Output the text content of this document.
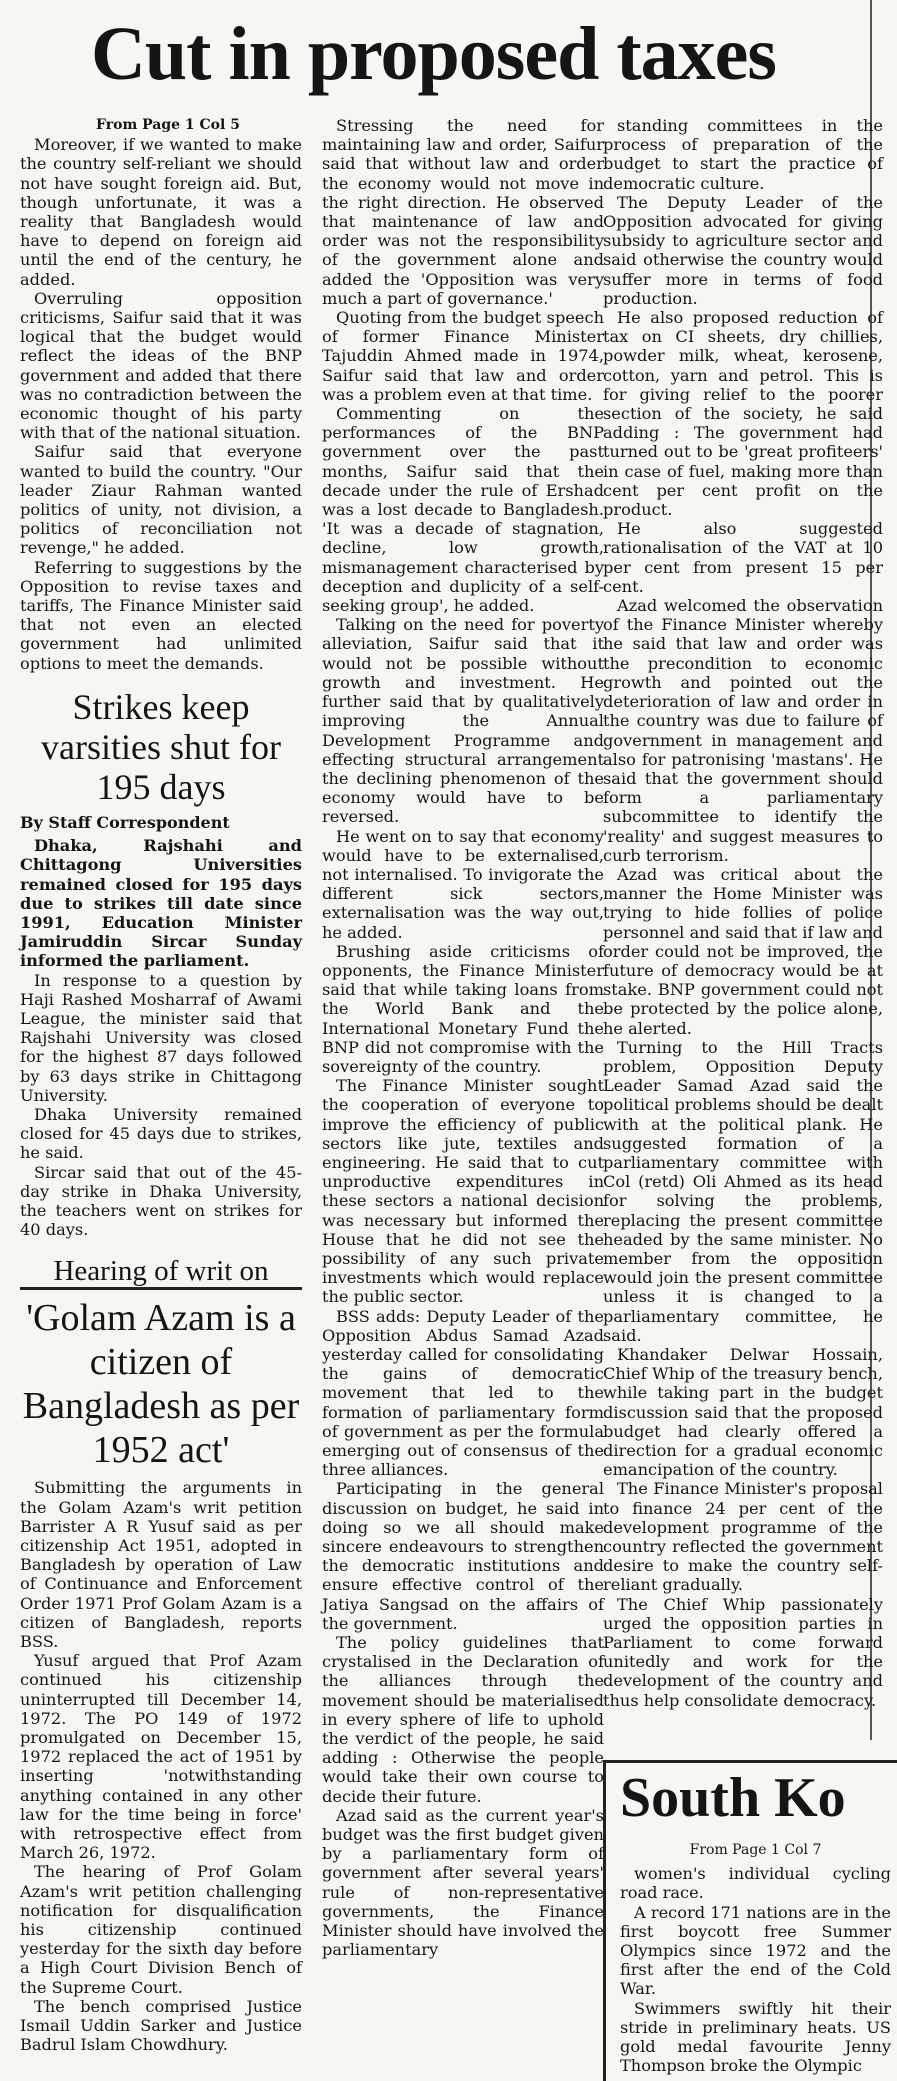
Cut in proposed taxes

From Page 1 Col 5

Moreover, if we wanted to make the country self-reliant we should not have sought foreign aid. But, though unfortunate, it was a reality that Bangladesh would have to depend on foreign aid until the end of the century, he added.

Overruling opposition criticisms, Saifur said that it was logical that the budget would reflect the ideas of the BNP government and added that there was no contradiction between the economic thought of his party with that of the national situation.

Saifur said that everyone wanted to build the country. "Our leader Ziaur Rahman wanted politics of unity, not division, a politics of reconciliation not revenge," he added.

Referring to suggestions by the Opposition to revise taxes and tariffs, The Finance Minister said that not even an elected government had unlimited options to meet the demands.

Strikes keep varsities shut for 195 days
By Staff Correspondent

Dhaka, Rajshahi and Chittagong Universities remained closed for 195 days due to strikes till date since 1991, Education Minister Jamiruddin Sircar Sunday informed the parliament.

In response to a question by Haji Rashed Mosharraf of Awami League, the minister said that Rajshahi University was closed for the highest 87 days followed by 63 days strike in Chittagong University.

Dhaka University remained closed for 45 days due to strikes, he said.

Sircar said that out of the 45-day strike in Dhaka University, the teachers went on strikes for 40 days.

Hearing of writ on
'Golam Azam is a citizen of Bangladesh as per 1952 act'

Submitting the arguments in the Golam Azam's writ petition Barrister A R Yusuf said as per citizenship Act 1951, adopted in Bangladesh by operation of Law of Continuance and Enforcement Order 1971 Prof Golam Azam is a citizen of Bangladesh, reports BSS.

Yusuf argued that Prof Azam continued his citizenship uninterrupted till December 14, 1972. The PO 149 of 1972 promulgated on December 15, 1972 replaced the act of 1951 by inserting 'notwithstanding anything contained in any other law for the time being in force' with retrospective effect from March 26, 1972.

The hearing of Prof Golam Azam's writ petition challenging notification for disqualification his citizenship continued yesterday for the sixth day before a High Court Division Bench of the Supreme Court.

The bench comprised Justice Ismail Uddin Sarker and Justice Badrul Islam Chowdhury.

Stressing the need for maintaining law and order, Saifur said that without law and order the economy would not move in the right direction. He observed that maintenance of law and order was not the responsibility of the government alone and added the 'Opposition was very much a part of governance.'

Quoting from the budget speech of former Finance Minister Tajuddin Ahmed made in 1974, Saifur said that law and order was a problem even at that time.

Commenting on the performances of the BNP government over the past months, Saifur said that the decade under the rule of Ershad was a lost decade to Bangladesh. 'It was a decade of stagnation, decline, low growth, mismanagement characterised by deception and duplicity of a self-seeking group', he added.

Talking on the need for poverty alleviation, Saifur said that it would not be possible without growth and investment. He further said that by qualitatively improving the Annual Development Programme and effecting structural arrangement the declining phenomenon of the economy would have to be reversed.

He went on to say that economy would have to be externalised, not internalised. To invigorate the different sick sectors, externalisation was the way out, he added.

Brushing aside criticisms of opponents, the Finance Minister said that while taking loans from the World Bank and the International Monetary Fund the BNP did not compromise with the sovereignty of the country.

The Finance Minister sought the cooperation of everyone to improve the efficiency of public sectors like jute, textiles and engineering. He said that to cut unproductive expenditures in these sectors a national decision was necessary but informed the House that he did not see the possibility of any such private investments which would replace the public sector.

BSS adds: Deputy Leader of the Opposition Abdus Samad Azad yesterday called for consolidating the gains of democratic movement that led to the formation of parliamentary form of government as per the formula emerging out of consensus of the three alliances.

Participating in the general discussion on budget, he said in doing so we all should make sincere endeavours to strengthen the democratic institutions and ensure effective control of the Jatiya Sangsad on the affairs of the government.

The policy guidelines that crystalised in the Declaration of the alliances through the movement should be materialised in every sphere of life to uphold the verdict of the people, he said adding : Otherwise the people would take their own course to decide their future.

Azad said as the current year's budget was the first budget given by a parliamentary form of government after several years' rule of non-representative governments, the Finance Minister should have involved the parliamentary

standing committees in the process of preparation of the budget to start the practice of democratic culture.

The Deputy Leader of the Opposition advocated for giving subsidy to agriculture sector and said otherwise the country would suffer more in terms of food production.

He also proposed reduction of tax on CI sheets, dry chillies, powder milk, wheat, kerosene, cotton, yarn and petrol. This is for giving relief to the poorer section of the society, he said adding : The government had turned out to be 'great profiteers' in case of fuel, making more than cent per cent profit on the product.

He also suggested rationalisation of the VAT at 10 per cent from present 15 per cent.

Azad welcomed the observation of the Finance Minister whereby he said that law and order was the precondition to economic growth and pointed out the deterioration of law and order in the country was due to failure of government in management and also for patronising 'mastans'. He said that the government should form a parliamentary subcommittee to identify the 'reality' and suggest measures to curb terrorism.

Azad was critical about the manner the Home Minister was trying to hide follies of police personnel and said that if law and order could not be improved, the future of democracy would be at stake. BNP government could not be protected by the police alone, he alerted.

Turning to the Hill Tracts problem, Opposition Deputy Leader Samad Azad said the political problems should be dealt with at the political plank. He suggested formation of a parliamentary committee with Col (retd) Oli Ahmed as its head for solving the problems, replacing the present committee headed by the same minister. No member from the opposition would join the present committee unless it is changed to a parliamentary committee, he said.

Khandaker Delwar Hossain, Chief Whip of the treasury bench, while taking part in the budget discussion said that the proposed budget had clearly offered a direction for a gradual economic emancipation of the country.

The Finance Minister's proposal to finance 24 per cent of the development programme of the country reflected the government desire to make the country self-reliant gradually.

The Chief Whip passionately urged the opposition parties in Parliament to come forward unitedly and work for the development of the country and thus help consolidate democracy.

South Ko
From Page 1 Col 7

women's individual cycling road race.

A record 171 nations are in the first boycott free Summer Olympics since 1972 and the first after the end of the Cold War.

Swimmers swiftly hit their stride in preliminary heats. US gold medal favourite Jenny Thompson broke the Olympic
